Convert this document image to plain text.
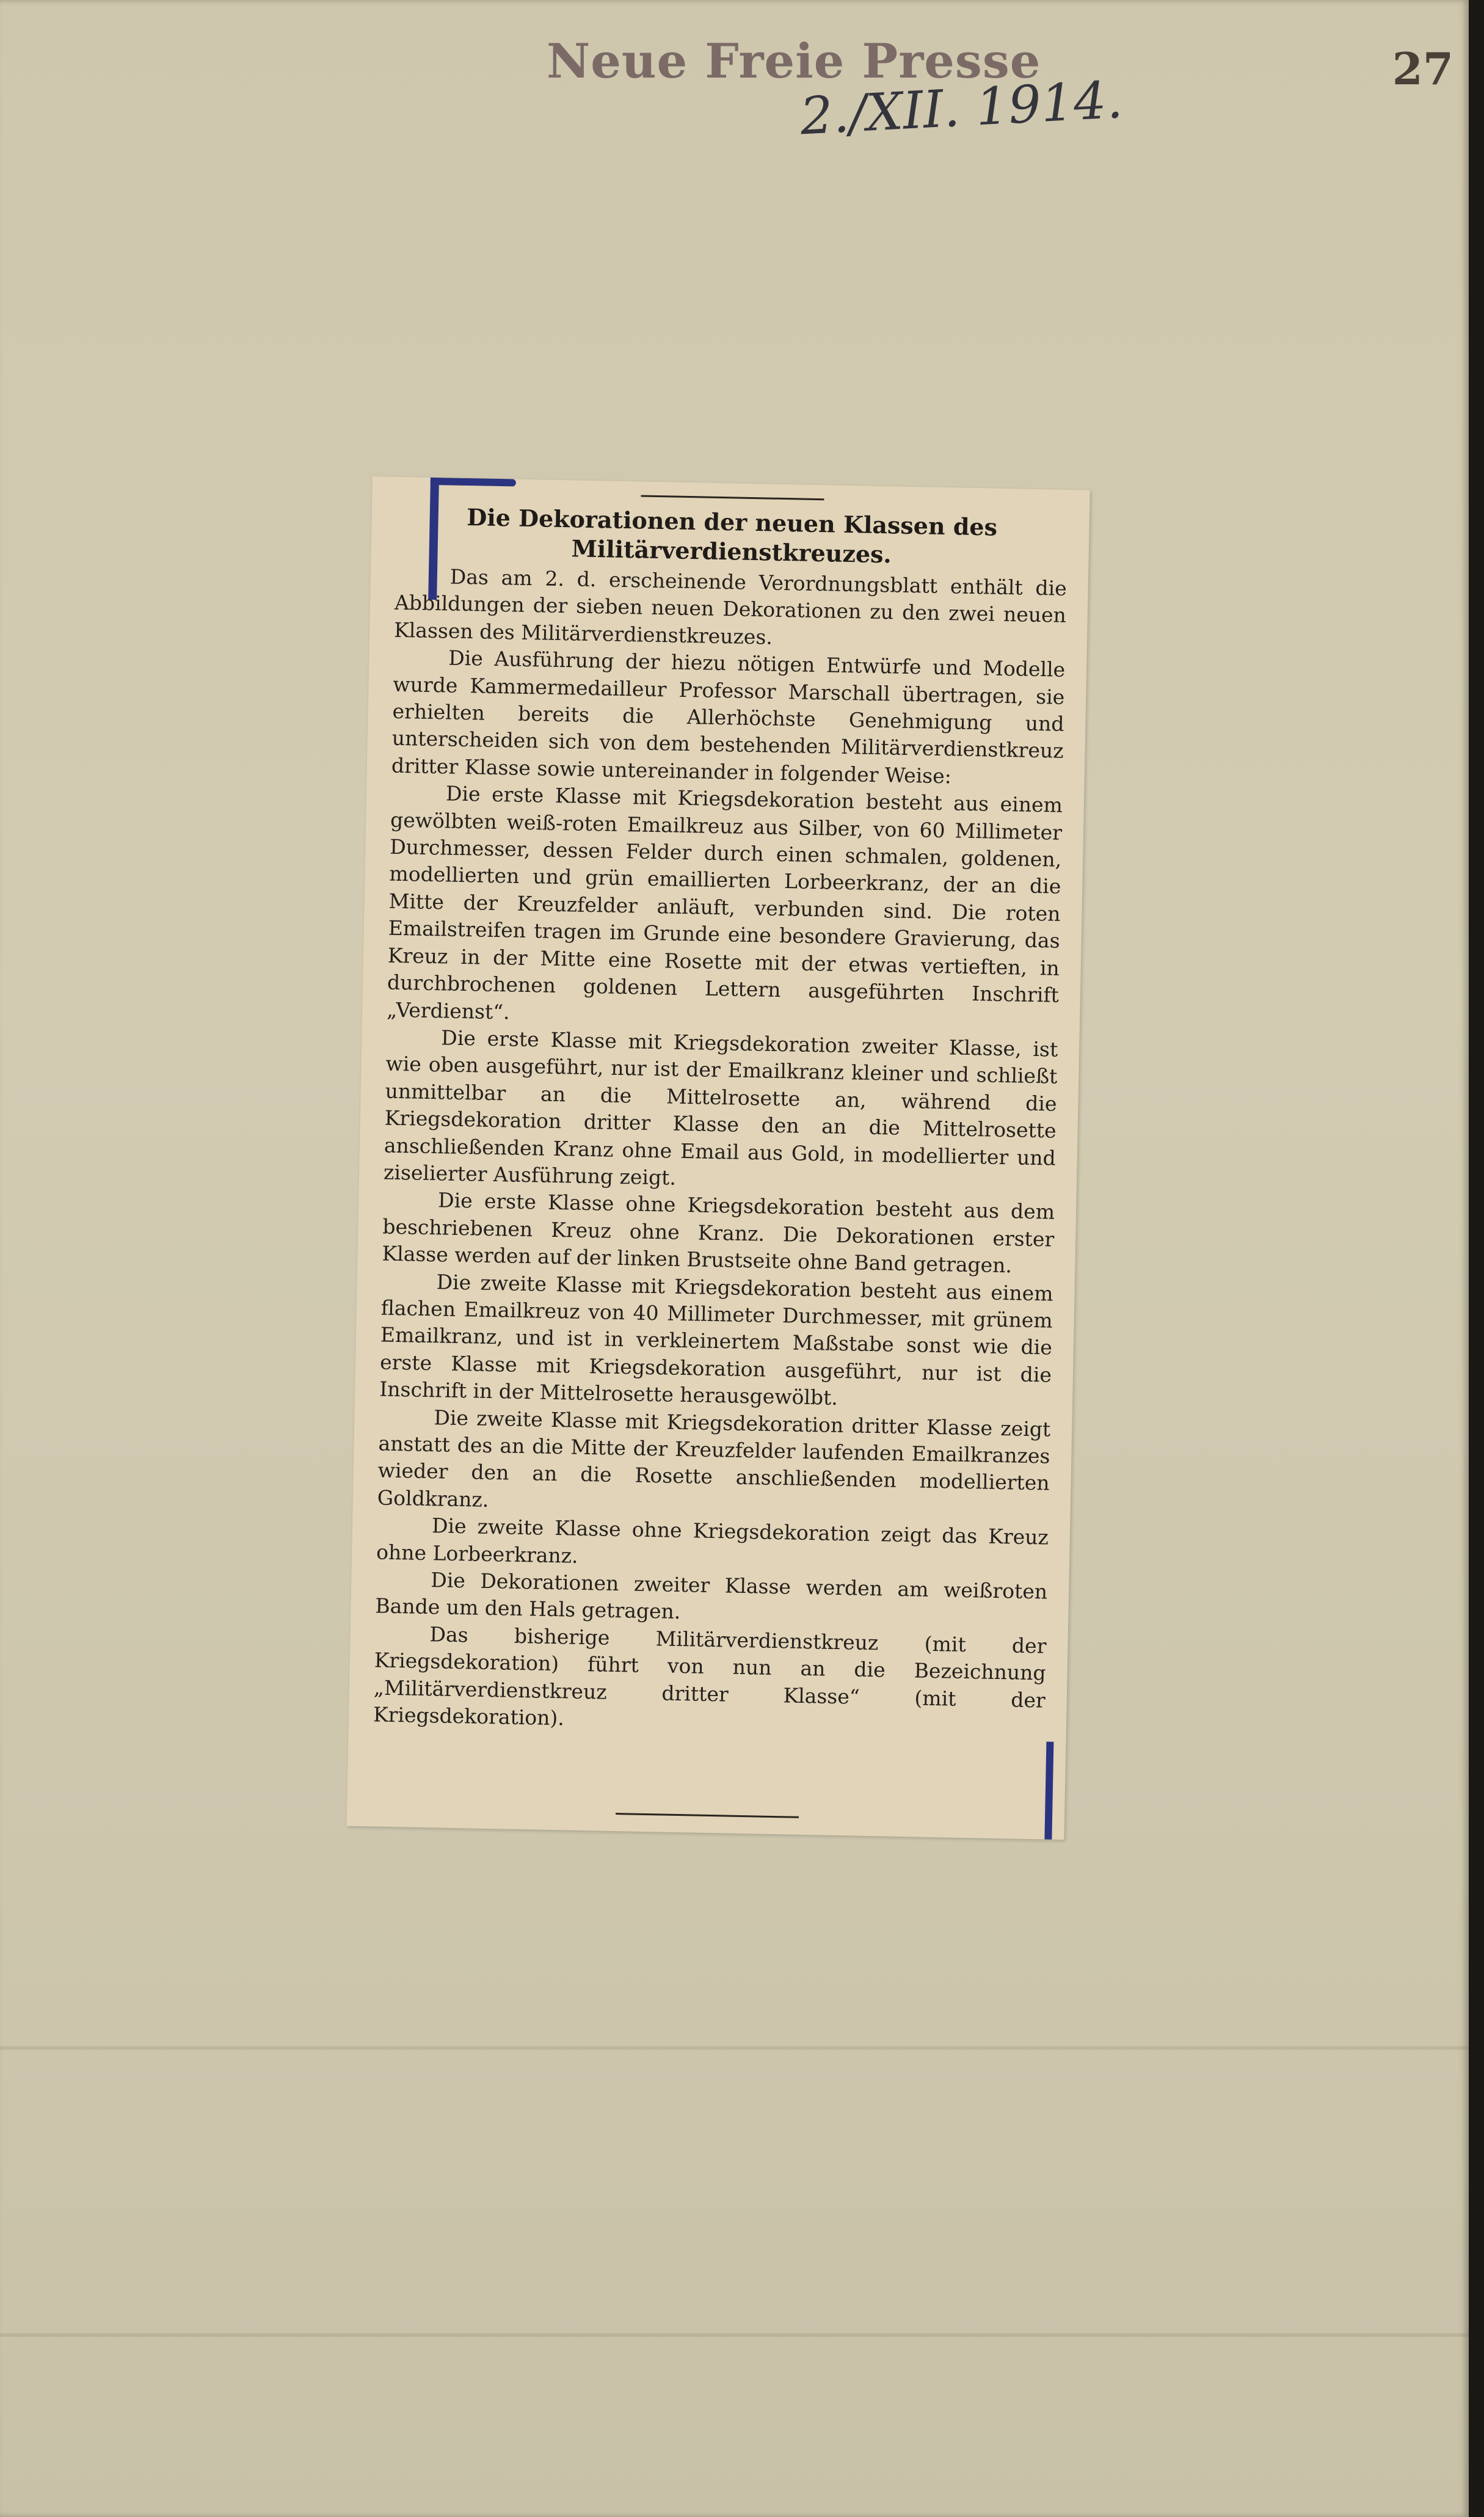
Neue Freie Presse	27
2./XII. 1914.
Die Dekorationen der neuen Klassen des Militärverdienstkreuzes.

Das am 2. d. erscheinende Verordnungsblatt enthält die Abbildungen der sieben neuen Dekorationen zu den zwei neuen Klassen des Militärverdienstkreuzes.

Die Ausführung der hiezu nötigen Entwürfe und Modelle wurde Kammermedailleur Professor Marschall übertragen, sie erhielten bereits die Allerhöchste Genehmigung und unterscheiden sich von dem bestehenden Militärverdienstkreuz dritter Klasse sowie untereinander in folgender Weise:

Die erste Klasse mit Kriegsdekoration besteht aus einem gewölbten weiß-roten Emailkreuz aus Silber, von 60 Millimeter Durchmesser, dessen Felder durch einen schmalen, goldenen, modellierten und grün emaillierten Lorbeerkranz, der an die Mitte der Kreuzfelder anläuft, verbunden sind. Die roten Emailstreifen tragen im Grunde eine besondere Gravierung, das Kreuz in der Mitte eine Rosette mit der etwas vertieften, in durchbrochenen goldenen Lettern ausgeführten Inschrift „Verdienst“.

Die erste Klasse mit Kriegsdekoration zweiter Klasse, ist wie oben ausgeführt, nur ist der Emailkranz kleiner und schließt unmittelbar an die Mittelrosette an, während die Kriegsdekoration dritter Klasse den an die Mittelrosette anschließenden Kranz ohne Email aus Gold, in modellierter und ziselierter Ausführung zeigt.

Die erste Klasse ohne Kriegsdekoration besteht aus dem beschriebenen Kreuz ohne Kranz. Die Dekorationen erster Klasse werden auf der linken Brustseite ohne Band getragen.

Die zweite Klasse mit Kriegsdekoration besteht aus einem flachen Emailkreuz von 40 Millimeter Durchmesser, mit grünem Emailkranz, und ist in verkleinertem Maßstabe sonst wie die erste Klasse mit Kriegsdekoration ausgeführt, nur ist die Inschrift in der Mittelrosette herausgewölbt.

Die zweite Klasse mit Kriegsdekoration dritter Klasse zeigt anstatt des an die Mitte der Kreuzfelder laufenden Emailkranzes wieder den an die Rosette anschließenden modellierten Goldkranz.

Die zweite Klasse ohne Kriegsdekoration zeigt das Kreuz ohne Lorbeerkranz.

Die Dekorationen zweiter Klasse werden am weißroten Bande um den Hals getragen.

Das bisherige Militärverdienstkreuz (mit der Kriegsdekoration) führt von nun an die Bezeichnung „Militärverdienstkreuz dritter Klasse“ (mit der Kriegsdekoration).
